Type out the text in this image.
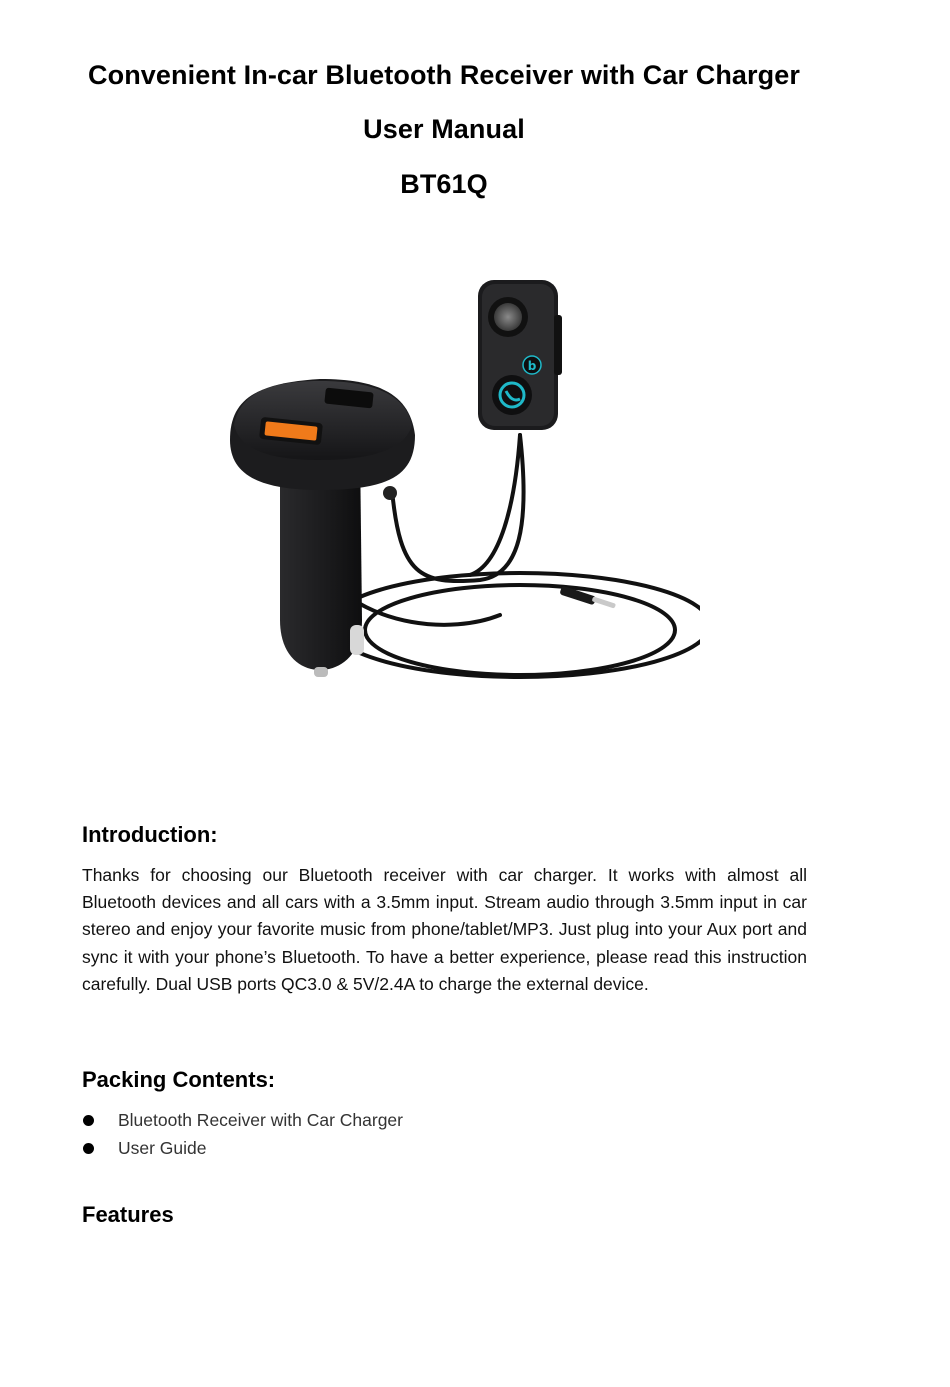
Convenient In-car Bluetooth Receiver with Car Charger
User Manual
BT61Q
b
Introduction:

Thanks for choosing our Bluetooth receiver with car charger. It works with almost all Bluetooth devices and all cars with a 3.5mm input. Stream audio through 3.5mm input in car stereo and enjoy your favorite music from phone/tablet/MP3. Just plug into your Aux port and sync it with your phone’s Bluetooth. To have a better experience, please read this instruction carefully. Dual USB ports QC3.0 & 5V/2.4A to charge the external device.

Packing Contents:
Bluetooth Receiver with Car Charger
User Guide
Features
